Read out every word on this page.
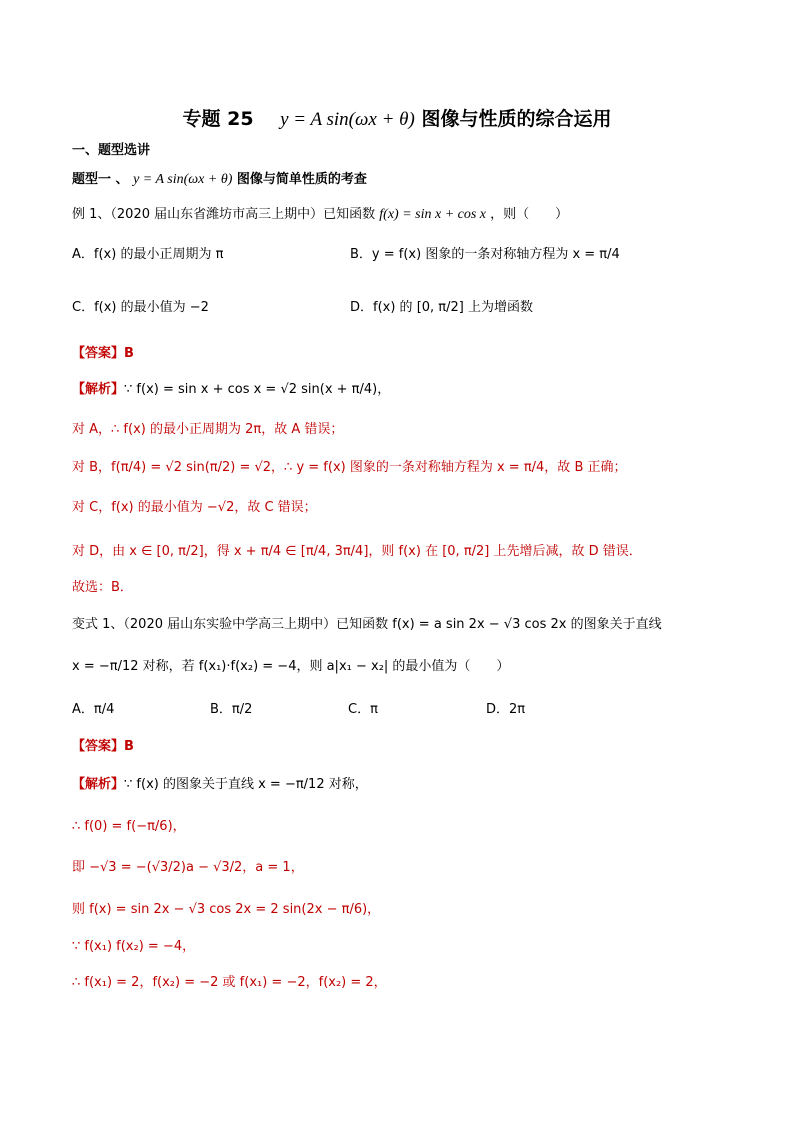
专题 25 y = A sin(ωx + θ) 图像与性质的综合运用
一、题型选讲
题型一 、 y = A sin(ωx + θ) 图像与简单性质的考查
例 1、（2020 届山东省潍坊市高三上期中）已知函数 f(x) = sin x + cos x ，则（　　）
A．f(x) 的最小正周期为 π	B．y = f(x) 图象的一条对称轴方程为 x = π/4
C．f(x) 的最小值为 −2	D．f(x) 的 [0, π/2] 上为增函数
【答案】B
【解析】∵ f(x) = sin x + cos x = √2 sin(x + π/4)，
对 A，∴ f(x) 的最小正周期为 2π，故 A 错误；
对 B，f(π/4) = √2 sin(π/2) = √2，∴ y = f(x) 图象的一条对称轴方程为 x = π/4，故 B 正确；
对 C，f(x) 的最小值为 −√2，故 C 错误；
对 D，由 x ∈ [0, π/2]，得 x + π/4 ∈ [π/4, 3π/4]，则 f(x) 在 [0, π/2] 上先增后减，故 D 错误．
故选：B．
变式 1、（2020 届山东实验中学高三上期中）已知函数 f(x) = a sin 2x − √3 cos 2x 的图象关于直线
x = −π/12 对称，若 f(x₁)·f(x₂) = −4，则 a|x₁ − x₂| 的最小值为（　　）
A．π/4	B．π/2	C．π	D．2π
【答案】B
【解析】∵ f(x) 的图象关于直线 x = −π/12 对称，
∴ f(0) = f(−π/6)，
即 −√3 = −(√3/2)a − √3/2，a = 1，
则 f(x) = sin 2x − √3 cos 2x = 2 sin(2x − π/6)，
∵ f(x₁) f(x₂) = −4，
∴ f(x₁) = 2，f(x₂) = −2 或 f(x₁) = −2，f(x₂) = 2，
